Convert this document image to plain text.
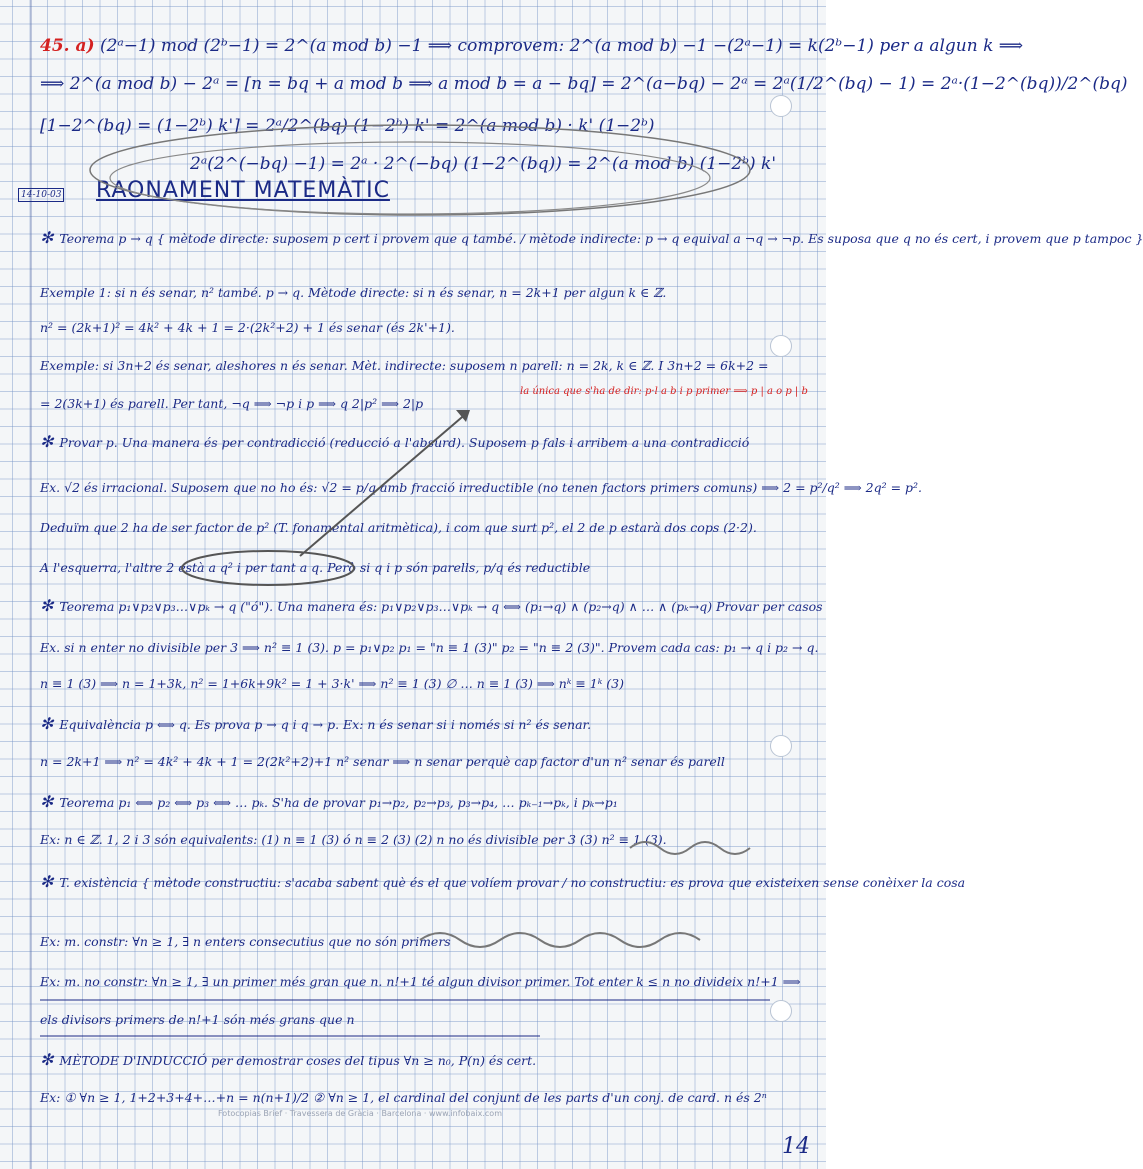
14-10-03 RAONAMENT MATEMÀTIC
45. a) (2ᵃ−1) mod (2ᵇ−1) = 2^(a mod b) −1 ⟹ comprovem: 2^(a mod b) −1 −(2ᵃ−1) = k(2ᵇ−1) per a algun k ⟹
⟹ 2^(a mod b) − 2ᵃ = [n = bq + a mod b ⟹ a mod b = a − bq] = 2^(a−bq) − 2ᵃ = 2ᵃ(1/2^(bq) − 1) = 2ᵃ·(1−2^(bq))/2^(bq)
[1−2^(bq) = (1−2ᵇ) k'] = 2ᵃ/2^(bq) (1−2ᵇ) k' = 2^(a mod b) · k' (1−2ᵇ)
2ᵃ(2^(−bq) −1) = 2ᵃ · 2^(−bq) (1−2^(bq)) = 2^(a mod b) (1−2ᵇ) k'
✻ Teorema p → q { mètode directe: suposem p cert i provem que q també. / mètode indirecte: p → q equival a ¬q → ¬p. Es suposa que q no és cert, i provem que p tampoc }
Exemple 1: si n és senar, n² també. p → q. Mètode directe: si n és senar, n = 2k+1 per algun k ∈ ℤ.
n² = (2k+1)² = 4k² + 4k + 1 = 2·(2k²+2) + 1 és senar (és 2k'+1).
Exemple: si 3n+2 és senar, aleshores n és senar. Mèt. indirecte: suposem n parell: n = 2k, k ∈ ℤ. I 3n+2 = 6k+2 =
= 2(3k+1) és parell. Per tant, ¬q ⟹ ¬p i p ⟹ q 2|p² ⟹ 2|p
la única que s'ha de dir: p·l a b i p primer ⟹ p | a o p | b
✻ Provar p. Una manera és per contradicció (reducció a l'absurd). Suposem p fals i arribem a una contradicció
Ex. √2 és irracional. Suposem que no ho és: √2 = p/q amb fracció irreductible (no tenen factors primers comuns) ⟹ 2 = p²/q² ⟹ 2q² = p².
Deduïm que 2 ha de ser factor de p² (T. fonamental aritmètica), i com que surt p², el 2 de p estarà dos cops (2·2).
A l'esquerra, l'altre 2 està a q² i per tant a q. Però si q i p són parells, p/q és reductible
✻ Teorema p₁∨p₂∨p₃…∨pₖ → q ("ó"). Una manera és: p₁∨p₂∨p₃…∨pₖ → q ⟺ (p₁→q) ∧ (p₂→q) ∧ … ∧ (pₖ→q) Provar per casos
Ex. si n enter no divisible per 3 ⟹ n² ≡ 1 (3). p = p₁∨p₂ p₁ = "n ≡ 1 (3)" p₂ = "n ≡ 2 (3)". Provem cada cas: p₁ → q i p₂ → q.
n ≡ 1 (3) ⟹ n = 1+3k, n² = 1+6k+9k² = 1 + 3·k' ⟹ n² ≡ 1 (3) ∅ … n ≡ 1 (3) ⟹ nᵏ ≡ 1ᵏ (3)
✻ Equivalència p ⟺ q. Es prova p → q i q → p. Ex: n és senar si i només si n² és senar.
n = 2k+1 ⟹ n² = 4k² + 4k + 1 = 2(2k²+2)+1 n² senar ⟹ n senar perquè cap factor d'un n² senar és parell
✻ Teorema p₁ ⟺ p₂ ⟺ p₃ ⟺ … pₖ. S'ha de provar p₁→p₂, p₂→p₃, p₃→p₄, … pₖ₋₁→pₖ, i pₖ→p₁
Ex: n ∈ ℤ. 1, 2 i 3 són equivalents: (1) n ≡ 1 (3) ó n ≡ 2 (3) (2) n no és divisible per 3 (3) n² ≡ 1 (3).
✻ T. existència { mètode constructiu: s'acaba sabent què és el que volíem provar / no constructiu: es prova que existeixen sense conèixer la cosa
Ex: m. constr: ∀n ≥ 1, ∃ n enters consecutius que no són primers
Ex: m. no constr: ∀n ≥ 1, ∃ un primer més gran que n. n!+1 té algun divisor primer. Tot enter k ≤ n no divideix n!+1 ⟹
els divisors primers de n!+1 són més grans que n
✻ MÈTODE D'INDUCCIÓ per demostrar coses del tipus ∀n ≥ n₀, P(n) és cert.
Ex: ① ∀n ≥ 1, 1+2+3+4+…+n = n(n+1)/2 ② ∀n ≥ 1, el cardinal del conjunt de les parts d'un conj. de card. n és 2ⁿ
Fotocopias Brief · Travessera de Gràcia · Barcelona · www.infobaix.com
14
